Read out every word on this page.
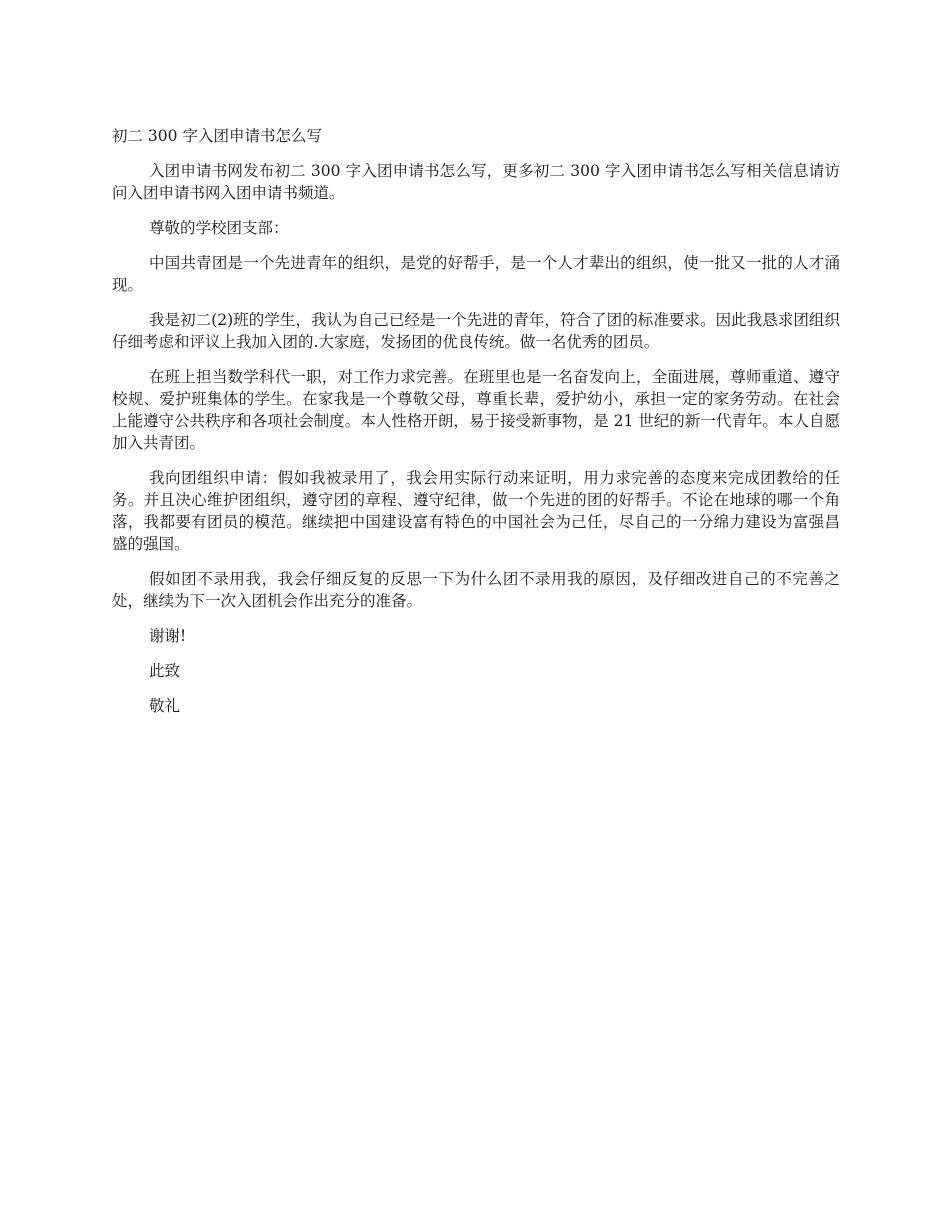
初二 300 字入团申请书怎么写

入团申请书网发布初二 300 字入团申请书怎么写，更多初二 300 字入团申请书怎么写相关信息请访问入团申请书网入团申请书频道。

尊敬的学校团支部：

中国共青团是一个先进青年的组织，是党的好帮手，是一个人才辈出的组织，使一批又一批的人才涌现。

我是初二(2)班的学生，我认为自己已经是一个先进的青年，符合了团的标准要求。因此我恳求团组织仔细考虑和评议上我加入团的.大家庭，发扬团的优良传统。做一名优秀的团员。

在班上担当数学科代一职，对工作力求完善。在班里也是一名奋发向上，全面进展，尊师重道、遵守校规、爱护班集体的学生。在家我是一个尊敬父母，尊重长辈，爱护幼小，承担一定的家务劳动。在社会上能遵守公共秩序和各项社会制度。本人性格开朗，易于接受新事物，是 21 世纪的新一代青年。本人自愿加入共青团。

我向团组织申请：假如我被录用了，我会用实际行动来证明，用力求完善的态度来完成团教给的任务。并且决心维护团组织，遵守团的章程、遵守纪律，做一个先进的团的好帮手。不论在地球的哪一个角落，我都要有团员的模范。继续把中国建设富有特色的中国社会为己任，尽自己的一分绵力建设为富强昌盛的强国。

假如团不录用我，我会仔细反复的反思一下为什么团不录用我的原因，及仔细改进自己的不完善之处，继续为下一次入团机会作出充分的准备。

谢谢!

此致

敬礼
